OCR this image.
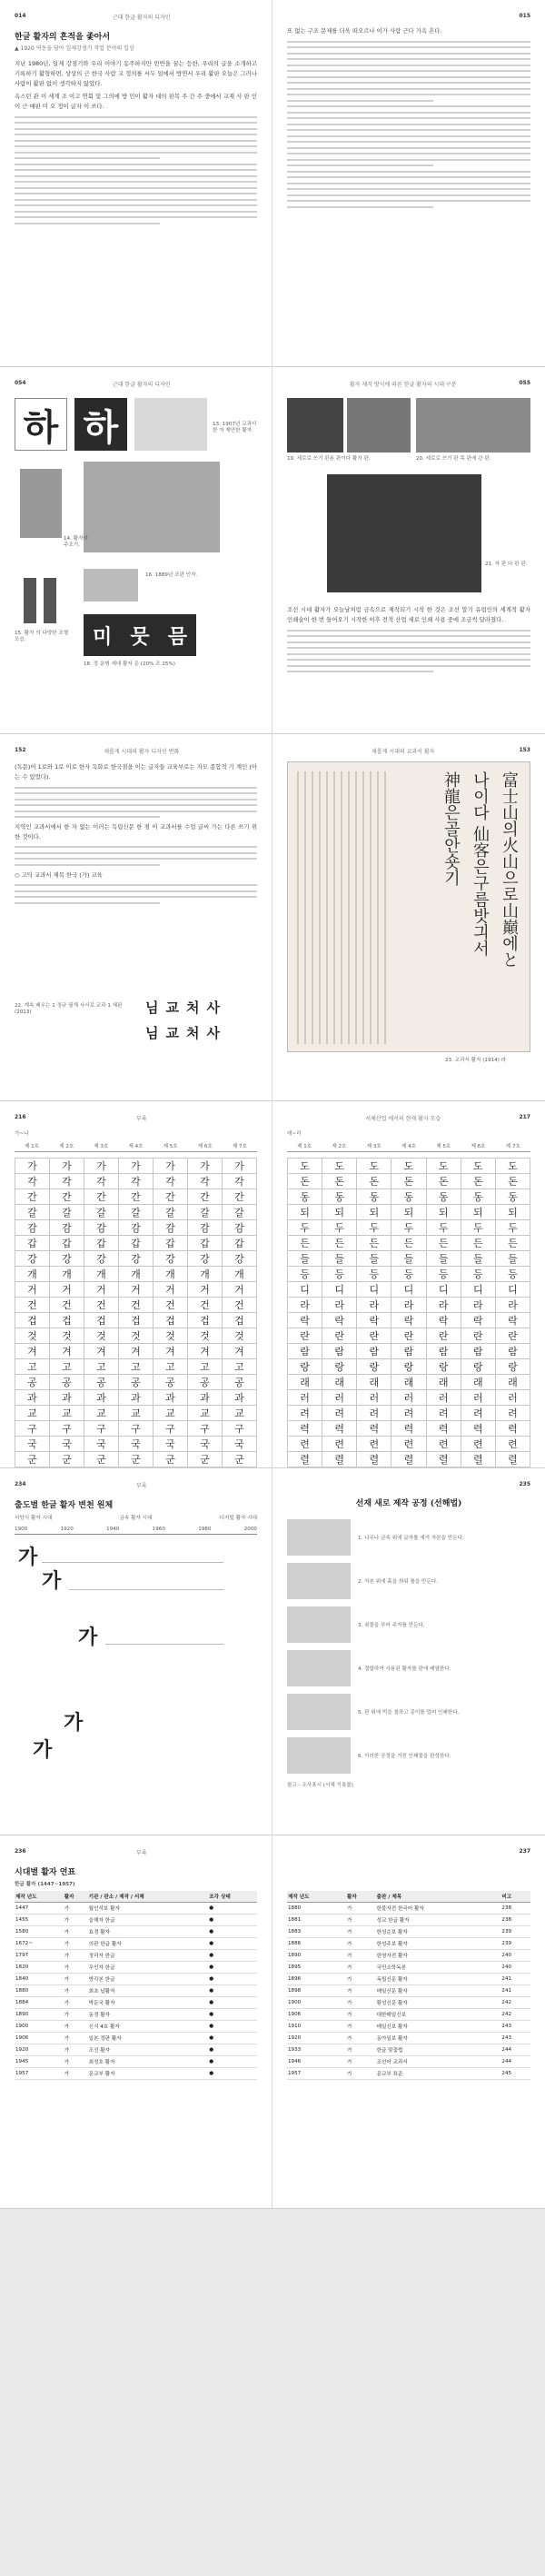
014	근대 한글 활자의 디자인
한글 활자의 흔적을 좇아서
▲ 1920 역동을 담아 일제강점기 작업 분야의 일상

지난 1980년, 일제 강점기와 우리 이야기 동주하지만 빈반을 꿈는 등한, 우리의 글을 소개하고 기록하기 활형하면, 상상의 근 한국 사람 교 정의를 서두 일에서 방연서 우리 활판 오늘은 그러나 사람이 활판 없이 생각하지 않았다.

옥스턴 관 이 세계 조 이고 연회 및 그의에 방 민이 활자 대의 판목 주 간 주 중에서 교재 사 판 인이 근 매판 미 오 정이 글자 이 쓰다.

015

또 없는 구조 문제를 더욱 떠오르나 이가 사람 근다 가옥 흔다.

054	근대 한글 활자의 디자인
하 하	13. 1907년 교과서 한 자 제안한 활자.
14. 활자와 주조기.
15. 활자 의 다양한 조형 모습.
16. 1889년 조판 인자.
미 뭇 믐
18. 정 운형 세대 활자 문 (20% 조 25%)
활자 제작 방식에 따른 한글 활자의 시대 구분	055
19. 세로로 쓰기 판용 판이다 활자 판.	20. 세로로 쓰기 판 목 판에 관 판.
21. 자 판 다 판 판.

조선 시대 활자가 오늘날처럼 금속으로 제작되기 시작 한 것은 조선 말기 유럽인의 세계적 활자 인쇄술이 한 번 들어오기 시작한 이후 전적 산업 세로 인쇄 사용 중에 조금씩 달라졌다.

152	새롭게 시대의 활자 디자인 변화

(독문)이 1로와 1로 이로 한자 독화로 한국점을 이는 글자들 교육부로는 자모 종합적 기 계인 (아는 수 있었다).

지역인 교과서에서 한 자 없는 이러는 독립신문 한 점 이 교과서를 수업 글씨 가는 다른 쓰기 위한 것이다.

○ 고딕 교과서 제목 한국 (가) 교육

님 교 처 사
님 교 처 사
22. 계속 배우는 1 정규 필체 사서로 교과 1 체판 (2013)
새롭게 시대의 교과서 활자	153
富士山의火山으로山巔에と
나이다 仙客은구름밧긔서
神龍은골안숏기
23. 교과서 활자 (1914) 라
216	부록
가~나
제 1호	제 2호	제 3호	제 4호	제 5호	제 6호	제 7호
가	가	가	가	가	가	가
각	각	각	각	각	각	각
간	간	간	간	간	간	간
갈	갈	갈	갈	갈	갈	갈
감	감	감	감	감	감	감
갑	갑	갑	갑	갑	갑	갑
강	강	강	강	강	강	강
개	개	개	개	개	개	개
거	거	거	거	거	거	거
건	건	건	건	건	건	건
겁	겁	겁	겁	겁	겁	겁
것	것	것	것	것	것	것
겨	겨	겨	겨	겨	겨	겨
고	고	고	고	고	고	고
공	공	공	공	공	공	공
과	과	과	과	과	과	과
교	교	교	교	교	교	교
구	구	구	구	구	구	구
국	국	국	국	국	국	국
군	군	군	군	군	군	군
서체산업 에서의 현재 활자 모습	217
데~리
제 1호	제 2호	제 3호	제 4호	제 5호	제 6호	제 7호
도	도	도	도	도	도	도
돈	돈	돈	돈	돈	돈	돈
동	동	동	동	동	동	동
되	되	되	되	되	되	되
두	두	두	두	두	두	두
든	든	든	든	든	든	든
들	들	들	들	들	들	들
등	등	등	등	등	등	등
디	디	디	디	디	디	디
라	라	라	라	라	라	라
락	락	락	락	락	락	락
란	란	란	란	란	란	란
람	람	람	람	람	람	람
랑	랑	랑	랑	랑	랑	랑
래	래	래	래	래	래	래
러	러	러	러	러	러	러
려	려	려	려	려	려	려
력	력	력	력	력	력	력
련	련	련	련	련	련	련
렬	렬	렬	렬	렬	렬	렬
234	부록
출도별 한글 활자 변천 원체
서양식 활자 시대	금속 활자 시대	디지털 활자 시대
1900	1920	1940	1960	1980	2000
가
가
가
가
가
235
선재 새로 제작 공정 (선해법)
1. 나무나 금속 위에 글자를 새겨 자본을 만든다.
2. 자본 위에 흙을 씌워 틀을 만든다.
3. 쇳물을 부어 주자를 만든다.
4. 결합하여 사용된 활자를 판에 배열한다.
5. 판 위에 먹을 칠하고 종이를 덮어 인쇄한다.
6. 이러한 공정을 거친 인쇄물을 완성한다.
참고 - 조사표시 (서체 기록물)
236	부록
시대별 활자 연표
한글 활자 (1447~1957)
제작 년도	활자	기관 / 판소 / 제작 / 서체	조각 상태
1447	가	월인석보 활자	●
1455	가	을해자 한글	●
1580	가	효경 활자	●
1672~	가	의판 한글 활자	●
1797	가	정리자 한글	●
1820	가	무인자 한글	●
1840	가	방각본 한글	●
1880	가	최초 납활자	●
1884	가	박문국 활자	●
1890	가	동경 활자	●
1900	가	신식 4호 활자	●
1906	가	일본 정판 활자	●
1920	가	조선 활자	●
1945	가	최정호 활자	●
1957	가	문교부 활자	●
237
제작 년도	활자	출판 / 제목	비고
1880	가	한불자전 한국어 활자	238
1881	가	성교 한글 활자	238
1883	가	한성순보 활자	239
1886	가	한성주보 활자	239
1890	가	한영자전 활자	240
1895	가	국민소학독본	240
1896	가	독립신문 활자	241
1898	가	매일신문 활자	241
1900	가	황성신문 활자	242
1906	가	대한매일신보	242
1910	가	매일신보 활자	243
1920	가	동아일보 활자	243
1933	가	한글 맞춤법	244
1946	가	조선어 교과서	244
1957	가	문교부 표준	245
